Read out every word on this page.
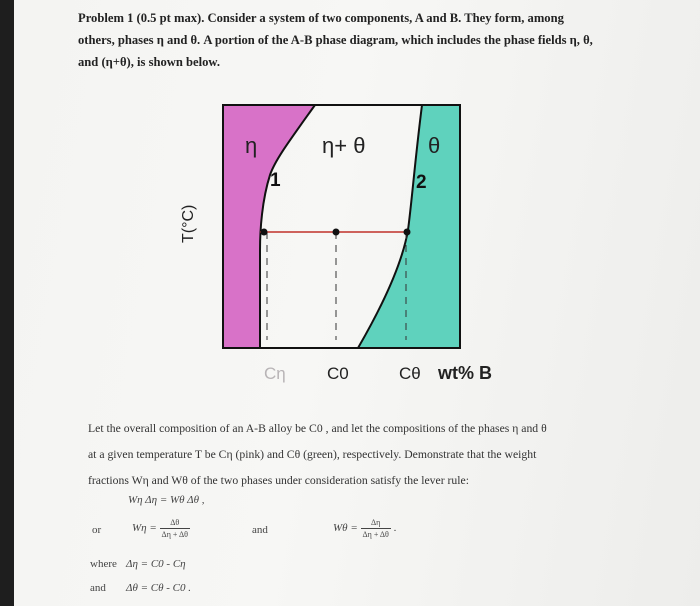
Problem 1 (0.5 pt max). Consider a system of two components, A and B. They form, among

others, phases η and θ. A portion of the A-B phase diagram, which includes the phase fields η, θ,

and (η+θ), is shown below.

T(°C)
η	η+ θ	θ
1	2
Cη C0	Cθ wt% B

Let the overall composition of an A-B alloy be C0 , and let the compositions of the phases η and θ

at a given temperature T be Cη (pink) and Cθ (green), respectively. Demonstrate that the weight

fractions Wη and Wθ of the two phases under consideration satisfy the lever rule:

Wη Δη = Wθ Δθ ,
or	$W\eta = \frac{\Delta\theta}{\Delta\eta + \Delta\theta}$	and	$W\theta = \frac{\Delta\eta}{\Delta\eta + \Delta\theta}$ .
where Δη = C0 - Cη
and Δθ = Cθ - C0 .
